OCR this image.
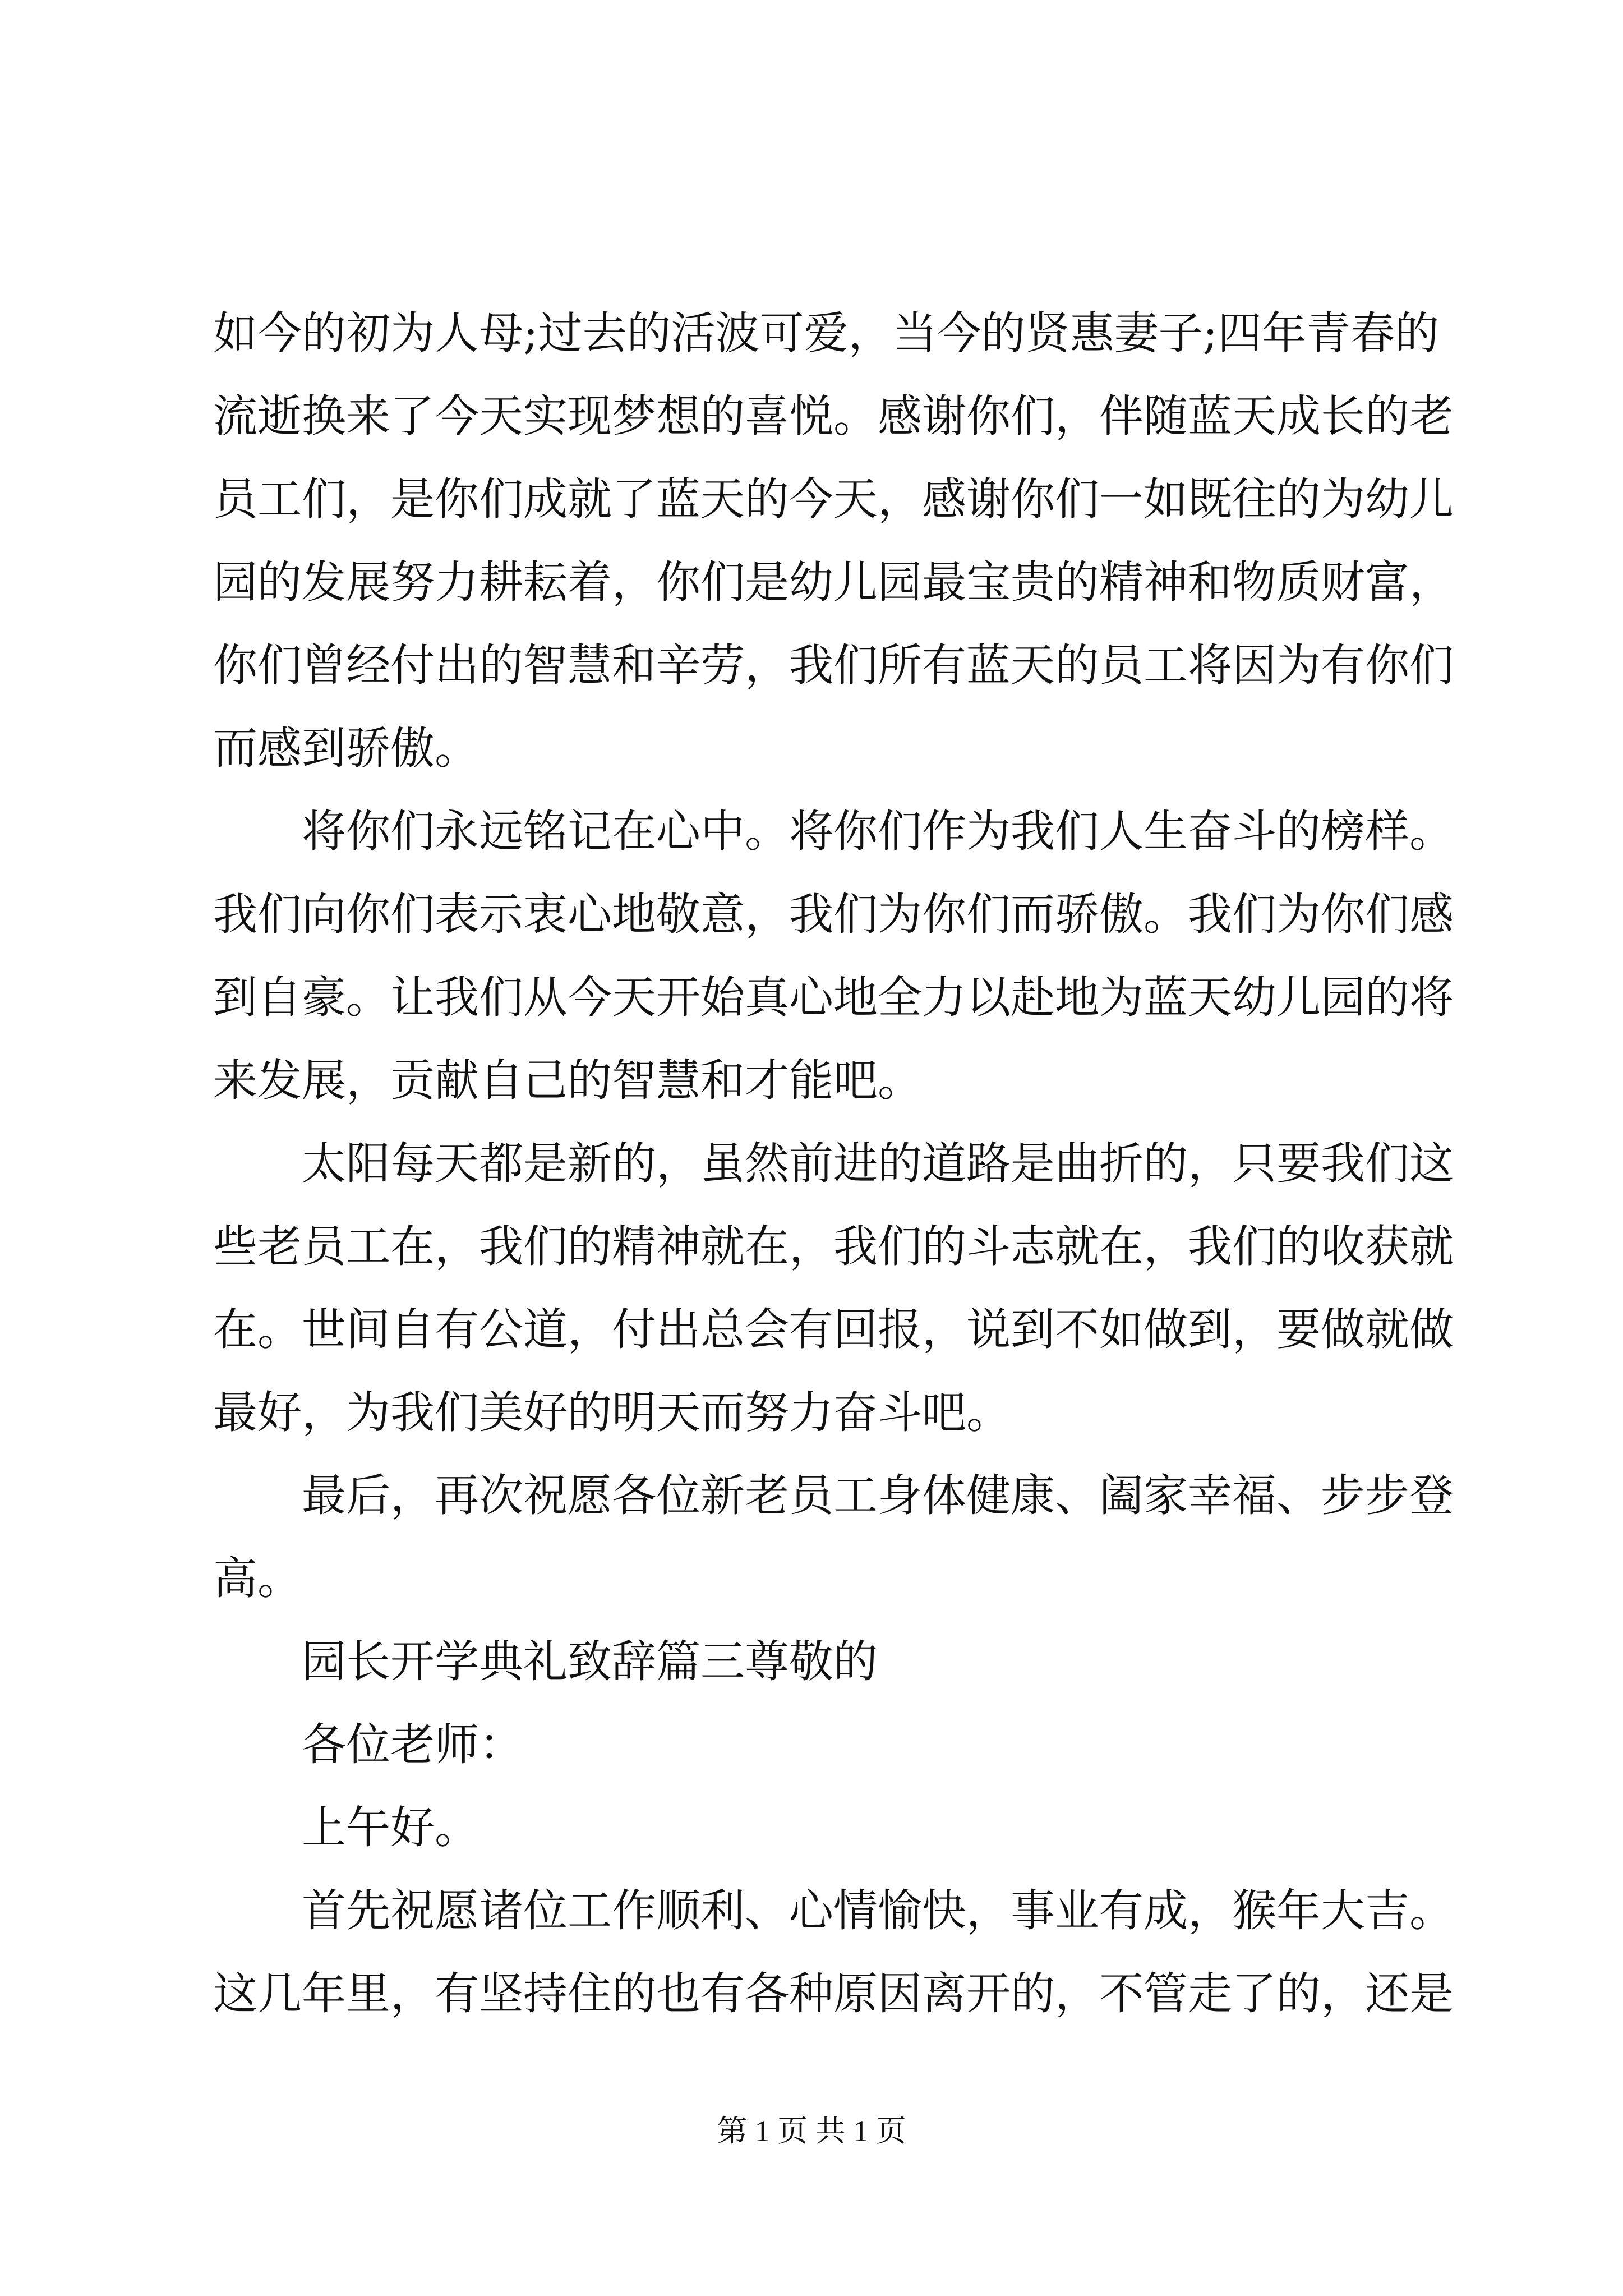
如今的初为人母;过去的活波可爱，当今的贤惠妻子;四年青春的
流逝换来了今天实现梦想的喜悦。感谢你们，伴随蓝天成长的老
员工们，是你们成就了蓝天的今天，感谢你们一如既往的为幼儿
园的发展努力耕耘着，你们是幼儿园最宝贵的精神和物质财富，
你们曾经付出的智慧和辛劳，我们所有蓝天的员工将因为有你们
而感到骄傲。
将你们永远铭记在心中。将你们作为我们人生奋斗的榜样。
我们向你们表示衷心地敬意，我们为你们而骄傲。我们为你们感
到自豪。让我们从今天开始真心地全力以赴地为蓝天幼儿园的将
来发展，贡献自己的智慧和才能吧。
太阳每天都是新的，虽然前进的道路是曲折的，只要我们这
些老员工在，我们的精神就在，我们的斗志就在，我们的收获就
在。世间自有公道，付出总会有回报，说到不如做到，要做就做
最好，为我们美好的明天而努力奋斗吧。
最后，再次祝愿各位新老员工身体健康、阖家幸福、步步登
高。
园长开学典礼致辞篇三尊敬的
各位老师：
上午好。
首先祝愿诸位工作顺利、心情愉快，事业有成，猴年大吉。
这几年里，有坚持住的也有各种原因离开的，不管走了的，还是
第 1 页 共 1 页
